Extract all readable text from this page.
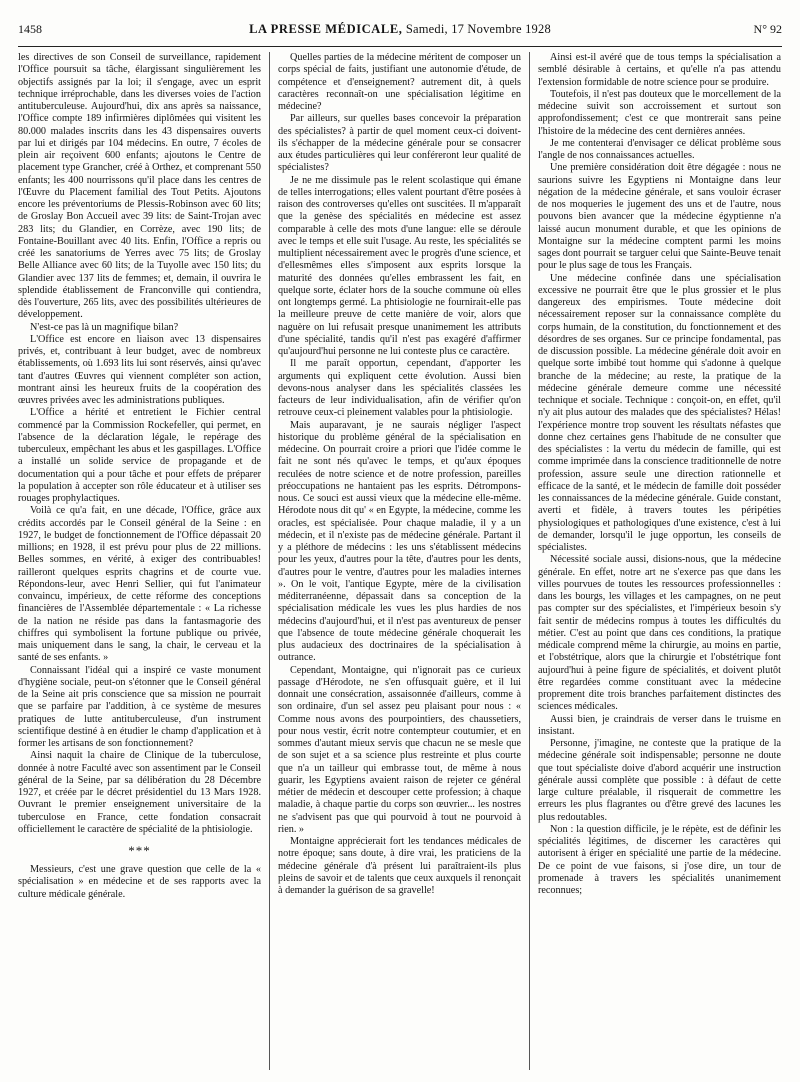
1458	LA PRESSE MÉDICALE, Samedi, 17 Novembre 1928	N° 92

les directives de son Conseil de surveillance, rapidement l'Office poursuit sa tâche, élargissant singulièrement les objectifs assignés par la loi; il s'engage, avec un esprit technique irréprochable, dans les diverses voies de l'action antituberculeuse. Aujourd'hui, dix ans après sa naissance, l'Office compte 189 infirmières diplômées qui visitent les 80.000 malades inscrits dans les 43 dispensaires ouverts par lui et dirigés par 104 médecins. En outre, 7 écoles de plein air reçoivent 600 enfants; ajoutons le Centre de placement type Grancher, créé à Orthez, et comprenant 550 enfants; les 400 nourrissons qu'il place dans les centres de l'Œuvre du Placement familial des Tout Petits. Ajoutons encore les préventoriums de Plessis-Robinson avec 60 lits; de Groslay Bon Accueil avec 39 lits: de Saint-Trojan avec 283 lits; du Glandier, en Corrèze, avec 190 lits; de Fontaine-Bouillant avec 40 lits. Enfin, l'Office a repris ou créé les sanatoriums de Yerres avec 75 lits; de Groslay Belle Alliance avec 60 lits; de la Tuyolle avec 150 lits; du Glandier avec 137 lits de femmes; et, demain, il ouvrira le splendide établissement de Franconville qui contiendra, dès l'ouverture, 265 lits, avec des possibilités ultérieures de développement.

N'est-ce pas là un magnifique bilan?

L'Office est encore en liaison avec 13 dispensaires privés, et, contribuant à leur budget, avec de nombreux établissements, où 1.693 lits lui sont réservés, ainsi qu'avec tant d'autres Œuvres qui viennent compléter son action, montrant ainsi les heureux fruits de la coopération des œuvres privées avec les administrations publiques.

L'Office a hérité et entretient le Fichier central commencé par la Commission Rockefeller, qui permet, en l'absence de la déclaration légale, le repérage des tuberculeux, empêchant les abus et les gaspillages. L'Office a installé un solide service de propagande et de documentation qui a pour tâche et pour effets de préparer la population à accepter son rôle éducateur et à utiliser ses rouages prophylactiques.

Voilà ce qu'a fait, en une décade, l'Office, grâce aux crédits accordés par le Conseil général de la Seine : en 1927, le budget de fonctionnement de l'Office dépassait 20 millions; en 1928, il est prévu pour plus de 22 millions. Belles sommes, en vérité, à exiger des contribuables! railleront quelques esprits chagrins et de courte vue. Répondons-leur, avec Henri Sellier, qui fut l'animateur convaincu, impérieux, de cette réforme des conceptions financières de l'Assemblée départementale : « La richesse de la nation ne réside pas dans la fantasmagorie des chiffres qui symbolisent la fortune publique ou privée, mais uniquement dans le sang, la chair, le cerveau et la santé de ses enfants. »

Connaissant l'idéal qui a inspiré ce vaste monument d'hygiène sociale, peut-on s'étonner que le Conseil général de la Seine ait pris conscience que sa mission ne pourrait que se parfaire par l'addition, à ce système de mesures pratiques de lutte antituberculeuse, d'un instrument scientifique destiné à en étudier le champ d'application et à former les artisans de son fonctionnement?

Ainsi naquit la chaire de Clinique de la tuberculose, donnée à notre Faculté avec son assentiment par le Conseil général de la Seine, par sa délibération du 28 Décembre 1927, et créée par le décret présidentiel du 13 Mars 1928. Ouvrant le premier enseignement universitaire de la tuberculose en France, cette fondation consacrait officiellement le caractère de spécialité de la phtisiologie.

***

Messieurs, c'est une grave question que celle de la « spécialisation » en médecine et de ses rapports avec la culture médicale générale.

Quelles parties de la médecine méritent de composer un corps spécial de faits, justifiant une autonomie d'étude, de compétence et d'enseignement? autrement dit, à quels caractères reconnaît-on une spécialisation légitime en médecine?

Par ailleurs, sur quelles bases concevoir la préparation des spécialistes? à partir de quel moment ceux-ci doivent-ils s'échapper de la médecine générale pour se consacrer aux études particulières qui leur conféreront leur qualité de spécialistes?

Je ne me dissimule pas le relent scolastique qui émane de telles interrogations; elles valent pourtant d'être posées à raison des controverses qu'elles ont suscitées. Il m'apparaît que la genèse des spécialités en médecine est assez comparable à celle des mots d'une langue: elle se déroule avec le temps et elle suit l'usage. Au reste, les spécialités se multiplient nécessairement avec le progrès d'une science, et d'ellesmêmes elles s'imposent aux esprits lorsque la maturité des données qu'elles embrassent les fait, en quelque sorte, éclater hors de la souche commune où elles ont longtemps germé. La phtisiologie ne fournirait-elle pas la meilleure preuve de cette manière de voir, alors que naguère on lui refusait presque unanimement les attributs d'une spécialité, tandis qu'il n'est pas exagéré d'affirmer qu'aujourd'hui personne ne lui conteste plus ce caractère.

Il me paraît opportun, cependant, d'apporter les arguments qui expliquent cette évolution. Aussi bien devons-nous analyser dans les spécialités classées les facteurs de leur individualisation, afin de vérifier qu'on retrouve ceux-ci pleinement valables pour la phtisiologie.

Mais auparavant, je ne saurais négliger l'aspect historique du problème général de la spécialisation en médecine. On pourrait croire a priori que l'idée comme le fait ne sont nés qu'avec le temps, et qu'aux époques reculées de notre science et de notre profession, pareilles préoccupations ne hantaient pas les esprits. Détrompons-nous. Ce souci est aussi vieux que la médecine elle-même. Hérodote nous dit qu' « en Egypte, la médecine, comme les oracles, est spécialisée. Pour chaque maladie, il y a un médecin, et il n'existe pas de médecine générale. Partant il y a pléthore de médecins : les uns s'établissent médecins pour les yeux, d'autres pour la tête, d'autres pour les dents, d'autres pour le ventre, d'autres pour les maladies internes ». On le voit, l'antique Egypte, mère de la civilisation méditerranéenne, dépassait dans sa conception de la spécialisation médicale les vues les plus hardies de nos médecins d'aujourd'hui, et il n'est pas aventureux de penser que l'absence de toute médecine générale choquerait les plus audacieux des doctrinaires de la spécialisation à outrance.

Cependant, Montaigne, qui n'ignorait pas ce curieux passage d'Hérodote, ne s'en offusquait guère, et il lui donnait une consécration, assaisonnée d'ailleurs, comme à son ordinaire, d'un sel assez peu plaisant pour nous : « Comme nous avons des pourpointiers, des chaussetiers, pour nous vestir, écrit notre contempteur coutumier, et en sommes d'autant mieux servis que chacun ne se mesle que de son sujet et a sa science plus restreinte et plus courte que n'a un tailleur qui embrasse tout, de même à nous guarir, les Egyptiens avaient raison de rejeter ce général métier de médecin et descouper cette profession; à chaque maladie, à chaque partie du corps son œuvrier... les nostres ne s'advisent pas que qui pourvoid à tout ne pourvoid à rien. »

Montaigne apprécierait fort les tendances médicales de notre époque; sans doute, à dire vrai, les praticiens de la médecine générale d'à présent lui paraîtraient-ils plus pleins de savoir et de talents que ceux auxquels il renonçait à demander la guérison de sa gravelle!

Ainsi est-il avéré que de tous temps la spécialisation a semblé désirable à certains, et qu'elle n'a pas attendu l'extension formidable de notre science pour se produire.

Toutefois, il n'est pas douteux que le morcellement de la médecine suivit son accroissement et surtout son approfondissement; c'est ce que montrerait sans peine l'histoire de la médecine des cent dernières années.

Je me contenterai d'envisager ce délicat problème sous l'angle de nos connaissances actuelles.

Une première considération doit être dégagée : nous ne saurions suivre les Egyptiens ni Montaigne dans leur négation de la médecine générale, et sans vouloir écraser de nos moqueries le jugement des uns et de l'autre, nous pouvons bien avancer que la médecine égyptienne n'a laissé aucun monument durable, et que les opinions de Montaigne sur la médecine comptent parmi les moins sages dont pourrait se targuer celui que Sainte-Beuve tenait pour le plus sage de tous les Français.

Une médecine confinée dans une spécialisation excessive ne pourrait être que le plus grossier et le plus dangereux des empirismes. Toute médecine doit nécessairement reposer sur la connaissance complète du corps humain, de la constitution, du fonctionnement et des désordres de ses organes. Sur ce principe fondamental, pas de discussion possible. La médecine générale doit avoir en quelque sorte imbibé tout homme qui s'adonne à quelque branche de la médecine; au reste, la pratique de la médecine générale demeure comme une nécessité technique et sociale. Technique : conçoit-on, en effet, qu'il n'y ait plus autour des malades que des spécialistes? Hélas! l'expérience montre trop souvent les résultats néfastes que donne chez certaines gens l'habitude de ne consulter que des spécialistes : la vertu du médecin de famille, qui est comme imprimée dans la conscience traditionnelle de notre profession, assure seule une direction rationnelle et efficace de la santé, et le médecin de famille doit posséder les connaissances de la médecine générale. Guide constant, averti et fidèle, à travers toutes les péripéties physiologiques et pathologiques d'une existence, c'est à lui de demander, lorsqu'il le juge opportun, les conseils de spécialistes.

Nécessité sociale aussi, disions-nous, que la médecine générale. En effet, notre art ne s'exerce pas que dans les villes pourvues de toutes les ressources professionnelles : dans les bourgs, les villages et les campagnes, on ne peut pas compter sur des spécialistes, et l'impérieux besoin s'y fait sentir de médecins rompus à toutes les difficultés du métier. C'est au point que dans ces conditions, la pratique médicale comprend même la chirurgie, au moins en partie, et l'obstétrique, alors que la chirurgie et l'obstétrique font aujourd'hui à peine figure de spécialités, et doivent plutôt être regardées comme constituant avec la médecine proprement dite trois branches parfaitement distinctes des sciences médicales.

Aussi bien, je craindrais de verser dans le truisme en insistant.

Personne, j'imagine, ne conteste que la pratique de la médecine générale soit indispensable; personne ne doute que tout spécialiste doive d'abord acquérir une instruction générale aussi complète que possible : à défaut de cette large culture préalable, il risquerait de commettre les erreurs les plus flagrantes ou d'être grevé des lacunes les plus redoutables.

Non : la question difficile, je le répète, est de définir les spécialités légitimes, de discerner les caractères qui autorisent à ériger en spécialité une partie de la médecine. De ce point de vue faisons, si j'ose dire, un tour de promenade à travers les spécialités unanimement reconnues;
